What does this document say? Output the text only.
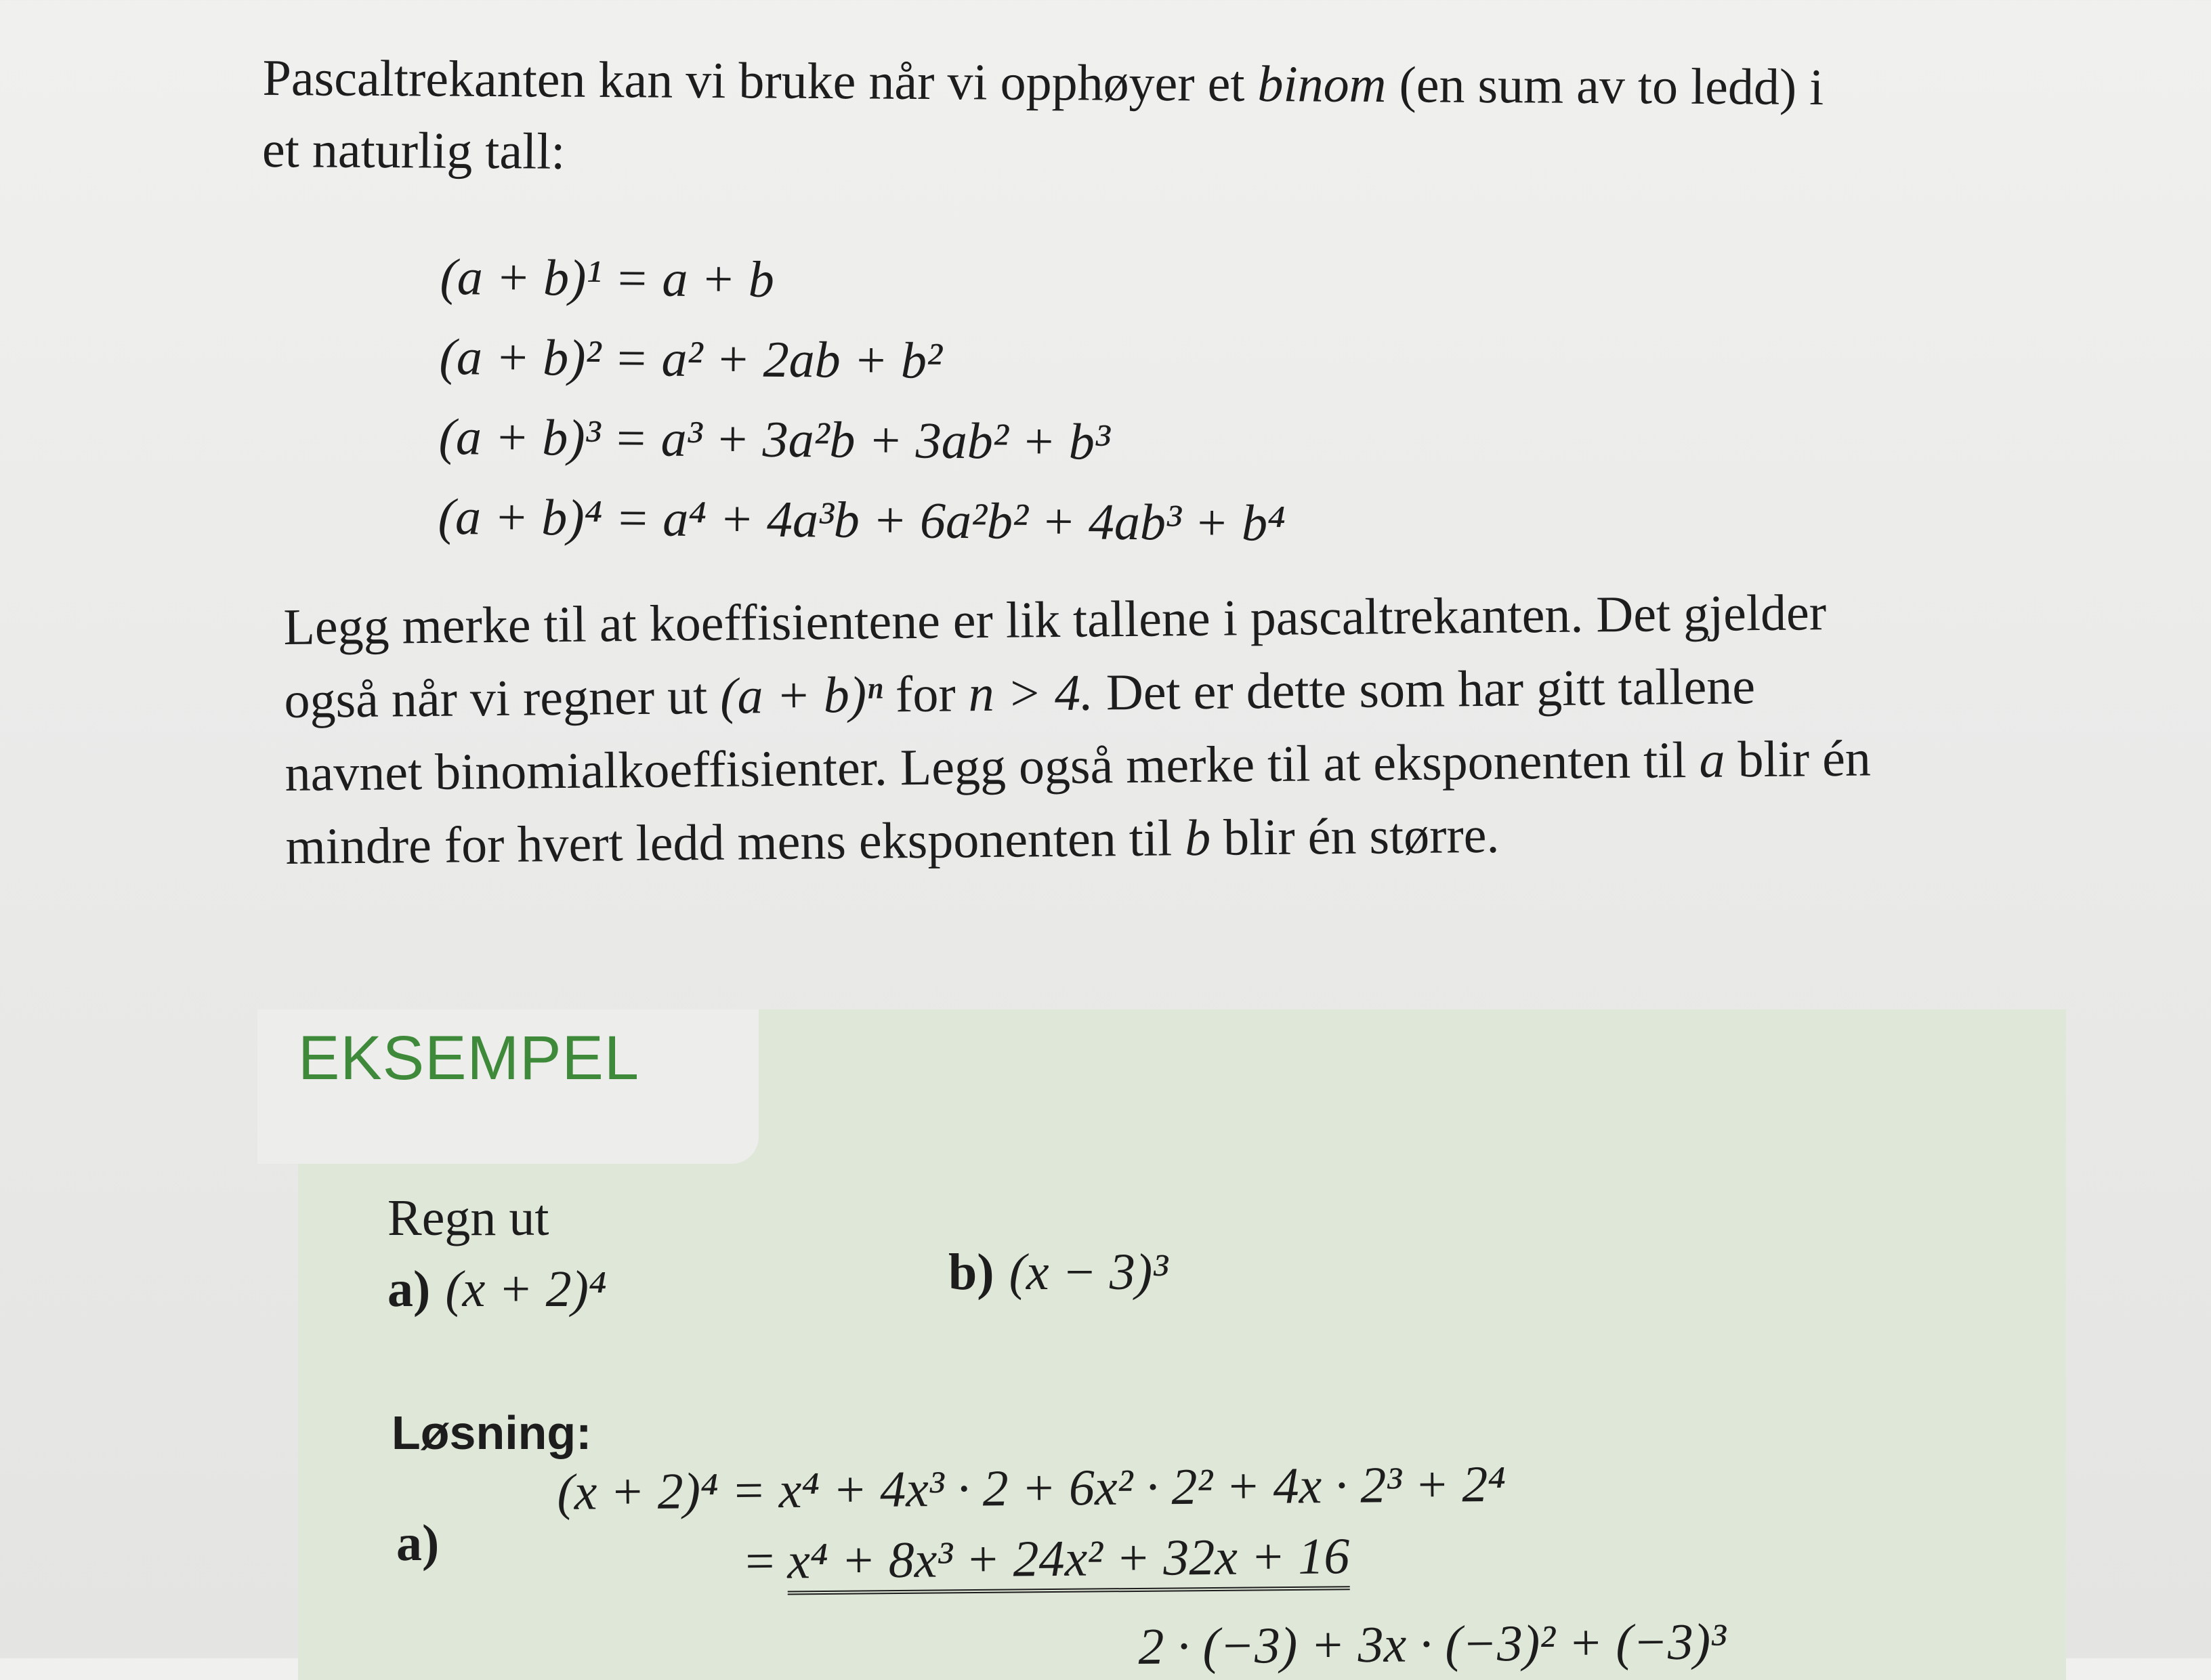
Pascaltrekanten kan vi bruke når vi opphøyer et binom (en sum av to ledd) i
et naturlig tall:
(a + b)¹ = a + b
(a + b)² = a² + 2ab + b²
(a + b)³ = a³ + 3a²b + 3ab² + b³
(a + b)⁴ = a⁴ + 4a³b + 6a²b² + 4ab³ + b⁴
Legg merke til at koeffisientene er lik tallene i pascaltrekanten. Det gjelder
også når vi regner ut (a + b)ⁿ for n > 4. Det er dette som har gitt tallene
navnet binomialkoeffisienter. Legg også merke til at eksponenten til a blir én
mindre for hvert ledd mens eksponenten til b blir én større.
EKSEMPEL
Regn ut
a) (x + 2)⁴	b) (x − 3)³
Løsning:
a)
(x + 2)⁴ = x⁴ + 4x³ · 2 + 6x² · 2² + 4x · 2³ + 2⁴
= x⁴ + 8x³ + 24x² + 32x + 16
2 · (−3) + 3x · (−3)² + (−3)³
